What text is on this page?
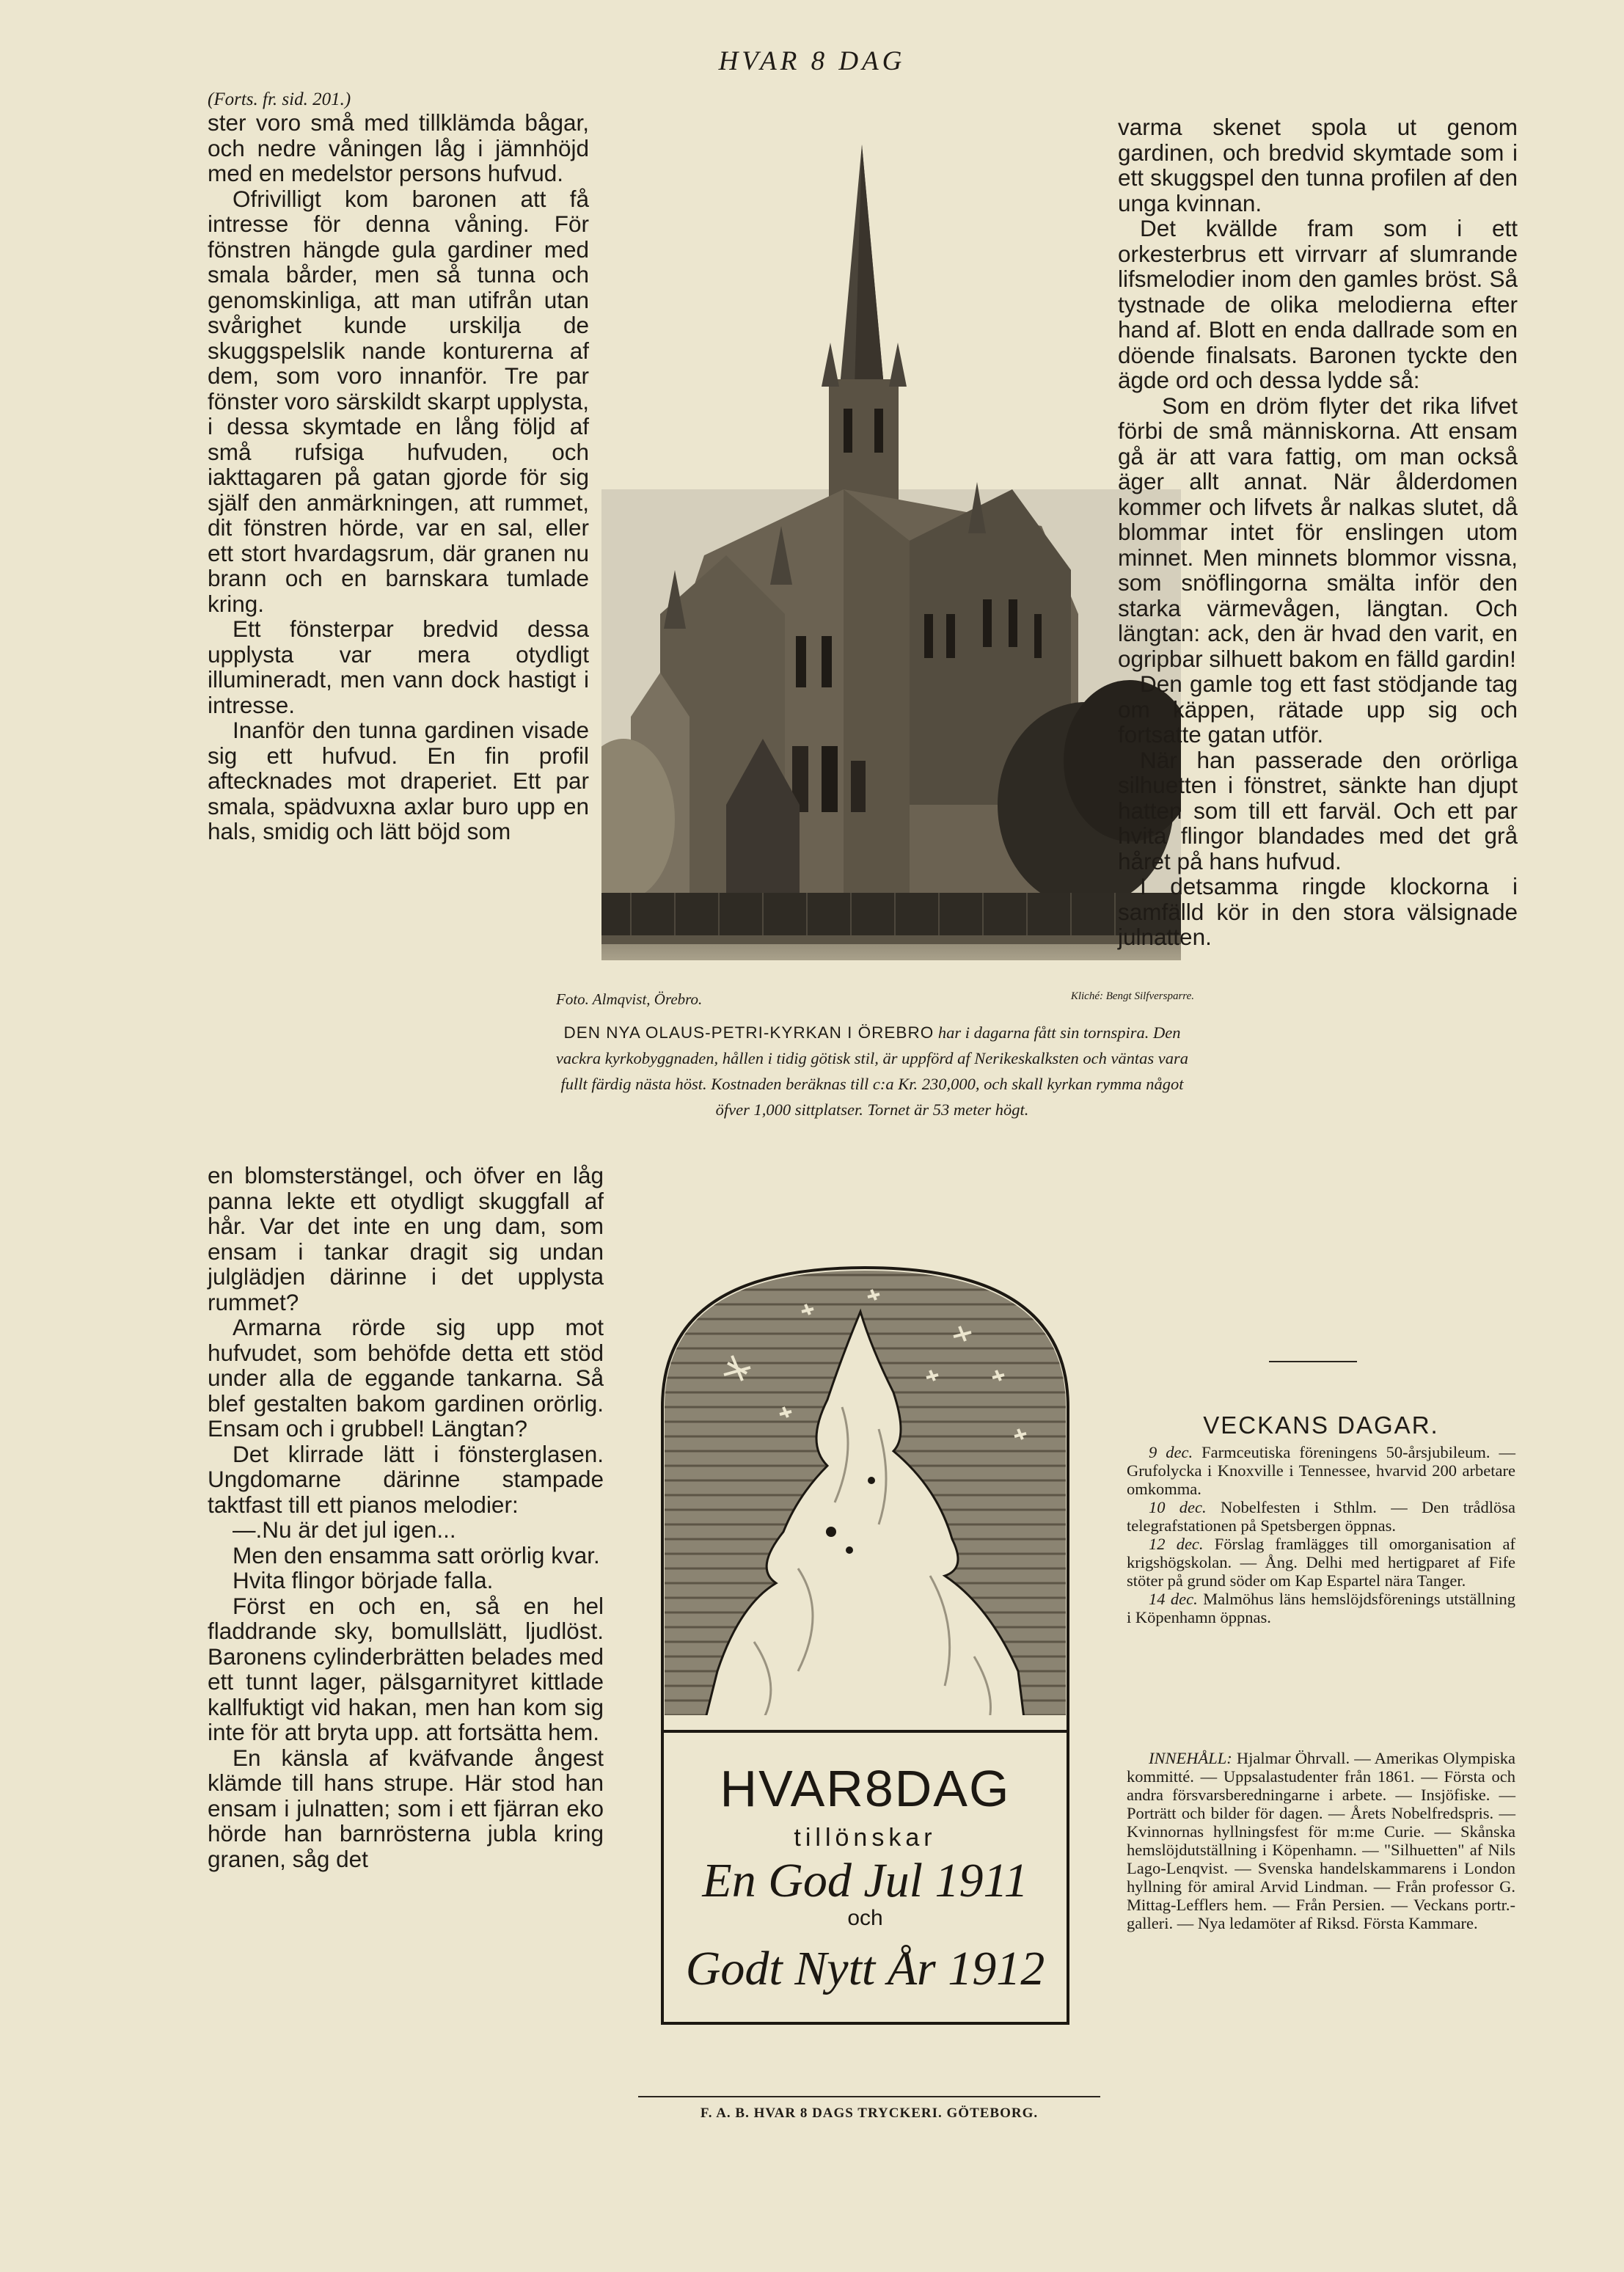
HVAR 8 DAG

(Forts. fr. sid. 201.)

ster voro små med tillklämda bågar, och nedre våningen låg i jämnhöjd med en medelstor persons hufvud.

Ofrivilligt kom baronen att få intresse för denna våning. För fönstren hängde gula gardiner med smala bårder, men så tunna och genomskinliga, att man utifrån utan svårighet kunde urskilja de skuggspelslik nande konturerna af dem, som voro innanför. Tre par fönster voro särskildt skarpt upplysta, i dessa skymtade en lång följd af små rufsiga hufvuden, och iakttagaren på gatan gjorde för sig själf den anmärkningen, att rummet, dit fönstren hörde, var en sal, eller ett stort hvardagsrum, där granen nu brann och en barnskara tumlade kring.

Ett fönsterpar bredvid dessa upplysta var mera otydligt illumineradt, men vann dock hastigt i intresse.

Inanför den tunna gardinen visade sig ett hufvud. En fin profil aftecknades mot draperiet. Ett par smala, spädvuxna axlar buro upp en hals, smidig och lätt böjd som

Foto. Almqvist, Örebro.	Kliché: Bengt Silfversparre.
DEN NYA OLAUS-PETRI-KYRKAN I ÖREBRO har i dagarna fått sin tornspira. Den vackra kyrkobyggnaden, hållen i tidig götisk stil, är uppförd af Nerikeskalksten och väntas vara fullt färdig nästa höst. Kostnaden beräknas till c:a Kr. 230,000, och skall kyrkan rymma något öfver 1,000 sittplatser. Tornet är 53 meter högt.

varma skenet spola ut genom gardinen, och bredvid skymtade som i ett skuggspel den tunna profilen af den unga kvinnan.

Det kvällde fram som i ett orkesterbrus ett virrvarr af slumrande lifsmelodier inom den gamles bröst. Så tystnade de olika melodierna efter hand af. Blott en enda dallrade som en döende finalsats. Baronen tyckte den ägde ord och dessa lydde så:

Som en dröm flyter det rika lifvet förbi de små människorna. Att ensam gå är att vara fattig, om man också äger allt annat. När ålderdomen kommer och lifvets år nalkas slutet, då blommar intet för enslingen utom minnet. Men minnets blommor vissna, som snöflingorna smälta inför den starka värmevågen, längtan. Och längtan: ack, den är hvad den varit, en ogripbar silhuett bakom en fälld gardin!

Den gamle tog ett fast stödjande tag om käppen, rätade upp sig och fortsatte gatan utför.

När han passerade den orörliga silhuetten i fönstret, sänkte han djupt hatten som till ett farväl. Och ett par hvita flingor blandades med det grå håret på hans hufvud.

I detsamma ringde klockorna i samfälld kör in den stora välsignade julnatten.

en blomsterstängel, och öfver en låg panna lekte ett otydligt skuggfall af hår. Var det inte en ung dam, som ensam i tankar dragit sig undan julglädjen därinne i det upplysta rummet?

Armarna rörde sig upp mot hufvudet, som behöfde detta ett stöd under alla de eggande tankarna. Så blef gestalten bakom gardinen orörlig. Ensam och i grubbel! Längtan?

Det klirrade lätt i fönsterglasen. Ungdomarne därinne stampade taktfast till ett pianos melodier:

—.Nu är det jul igen...

Men den ensamma satt orörlig kvar.

Hvita flingor började falla.

Först en och en, så en hel fladdrande sky, bomullslätt, ljudlöst. Baronens cylinderbrätten belades med ett tunnt lager, pälsgarnityret kittlade kallfuktigt vid hakan, men han kom sig inte för att bryta upp. att fortsätta hem.

En känsla af kväfvande ångest klämde till hans strupe. Här stod han ensam i julnatten; som i ett fjärran eko hörde han barnrösterna jubla kring granen, såg det

HVAR8DAG
tillönskar
En God Jul 1911
och
Godt Nytt År 1912
VECKANS DAGAR.

9 dec. Farmceutiska föreningens 50-årsjubileum. — Grufolycka i Knoxville i Tennessee, hvarvid 200 arbetare omkomma.

10 dec. Nobelfesten i Sthlm. — Den trådlösa telegrafstationen på Spetsbergen öppnas.

12 dec. Förslag framlägges till omorganisation af krigshögskolan. — Ång. Delhi med hertigparet af Fife stöter på grund söder om Kap Espartel nära Tanger.

14 dec. Malmöhus läns hemslöjdsförenings utställning i Köpenhamn öppnas.

INNEHÅLL: Hjalmar Öhrvall. — Amerikas Olympiska kommitté. — Uppsalastudenter från 1861. — Första och andra försvarsberedningarne i arbete. — Insjöfiske. — Porträtt och bilder för dagen. — Årets Nobelfredspris. — Kvinnornas hyllningsfest för m:me Curie. — Skånska hemslöjdutställning i Köpenhamn. — "Silhuetten" af Nils Lago-Lenqvist. — Svenska handelskammarens i London hyllning för amiral Arvid Lindman. — Från professor G. Mittag-Lefflers hem. — Från Persien. — Veckans portr.-galleri. — Nya ledamöter af Riksd. Första Kammare.
F. A. B. HVAR 8 DAGS TRYCKERI. GÖTEBORG.
